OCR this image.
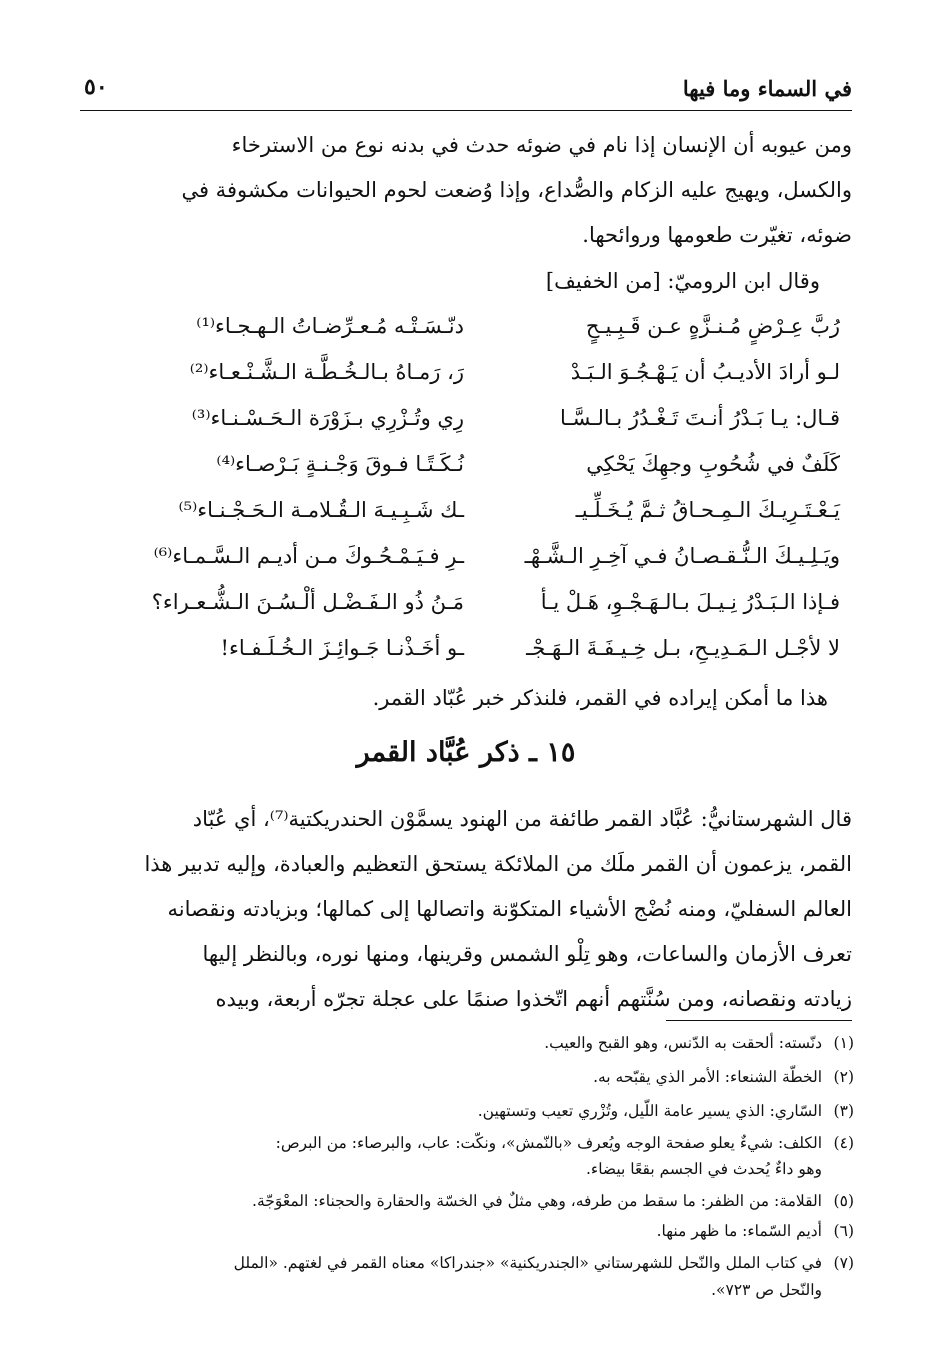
في السماء وما فيها
٥٠
ومن عيوبه أن الإنسان إذا نام في ضوئه حدث في بدنه نوع من الاسترخاء
والكسل، ويهيج عليه الزكام والصُّداع، وإذا وُضعت لحوم الحيوانات مكشوفة في
ضوئه، تغيّرت طعومها وروائحها.
وقال ابن الروميّ: [من الخفيف]
رُبَّ عِـرْضٍ مُـنـزَّهٍ عـن قَـبِـيـحٍ
دنّـسَـتْـه مُـعـرِّضـاتُ الـهـجـاء⁽¹⁾
لـو أرادَ الأديـبُ أن يَـهْـجُـوَ الـبَـدْ
رَ، رَمـاهُ بـالـخُـطَّـة الـشَّـنْـعـاء⁽²⁾
قـال: يـا بَـدْرُ أنـتَ تَـغْـدُرُ بـالـسَّـا
رِي وتُـزْرِي بـزَوْرَة الـحَـسْـنـاء⁽³⁾
كَلَفٌ في شُحُوبِ وجهِكَ يَحْكِي
نُـكَـتًـا فـوقَ وَجْـنـةٍ بَـرْصـاء⁽⁴⁾
يَـعْـتَـرِيـكَ الـمِـحـاقُ ثـمَّ يُـخَـلِّـيـ
ـك شَـبِـيـهَ الـقُـلامـة الـحَـجْـنـاء⁽⁵⁾
ويَـلِـيـكَ الـنُّـقـصـانُ فـي آخِـرِ الـشَّـهْـ
ـرِ فـيَـمْـحُـوكَ مـن أديـم الـسَّـمـاء⁽⁶⁾
فـإذا الـبَـدْرُ نِـيـلَ بـالـهَـجْـوِ، هَـلْ يـأ
مَـنُ ذُو الـفَـضْـل ألْـسُـنَ الـشُّـعـراء؟
لا لأجْـل الـمَـدِيـحِ، بـل خِـيـفَـةَ الـهَـجْـ
ـو أخَـذْنـا جَـوائِـزَ الـخُـلَـفـاء!
هذا ما أمكن إيراده في القمر، فلنذكر خبر عُبّاد القمر.
١٥ ـ ذكر عُبَّاد القمر
قال الشهرستانيُّ: عُبَّاد القمر طائفة من الهنود يسمَّوْن الحندريكتية⁽⁷⁾، أي عُبّاد
القمر، يزعمون أن القمر ملَك من الملائكة يستحق التعظيم والعبادة، وإليه تدبير هذا
العالم السفليّ، ومنه نُضْج الأشياء المتكوّنة واتصالها إلى كمالها؛ وبزيادته ونقصانه
تعرف الأزمان والساعات، وهو تِلْو الشمس وقرينها، ومنها نوره، وبالنظر إليها
زيادته ونقصانه، ومن سُنَّتهم أنهم اتّخذوا صنمًا على عجلة تجرّه أربعة، وبيده
(١)دنّسته: ألحقت به الدّنس، وهو القبح والعيب.
(٢)الخطّة الشنعاء: الأمر الذي يقبّحه به.
(٣)السّاري: الذي يسير عامة اللّيل، وتُزْري تعيب وتستهين.
(٤)الكلف: شيءٌ يعلو صفحة الوجه ويُعرف «بالنّمش»، ونكّت: عاب، والبرصاء: من البرص:
وهو داءٌ يُحدث في الجسم بقعًا بيضاء.
(٥)القلامة: من الظفر: ما سقط من طرفه، وهي مثلٌ في الخسّة والحقارة والحجناء: المعْوَجّة.
(٦)أديم السّماء: ما ظهر منها.
(٧)في كتاب الملل والنّحل للشهرستاني «الجندريكنية» «جندراكا» معناه القمر في لغتهم. «الملل
والنّحل ص ٧٢٣».
